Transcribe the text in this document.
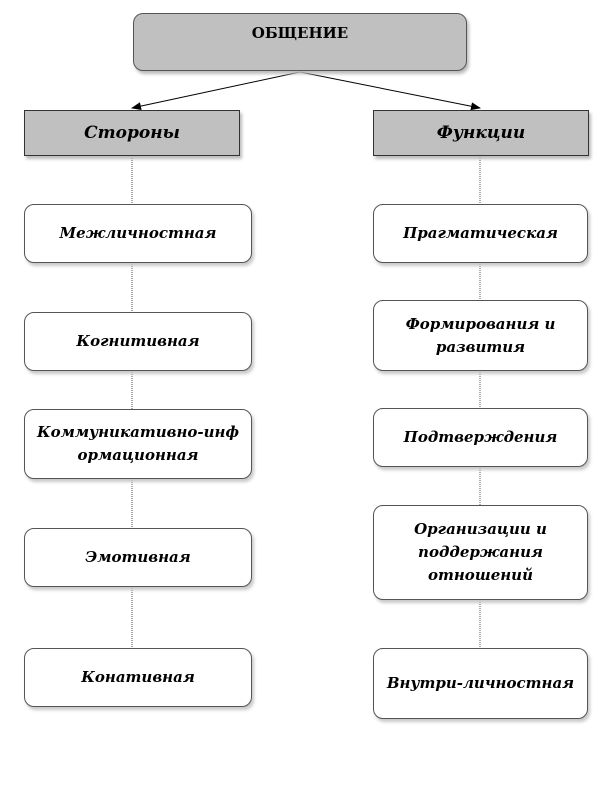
ОБЩЕНИЕ
Стороны	Функции
Межличностная
Когнитивная
Коммуникативно-информационная
Эмотивная
Конативная
Прагматическая
Формирования и развития
Подтверждения
Организации и поддержания отношений
Внутри-личностная
